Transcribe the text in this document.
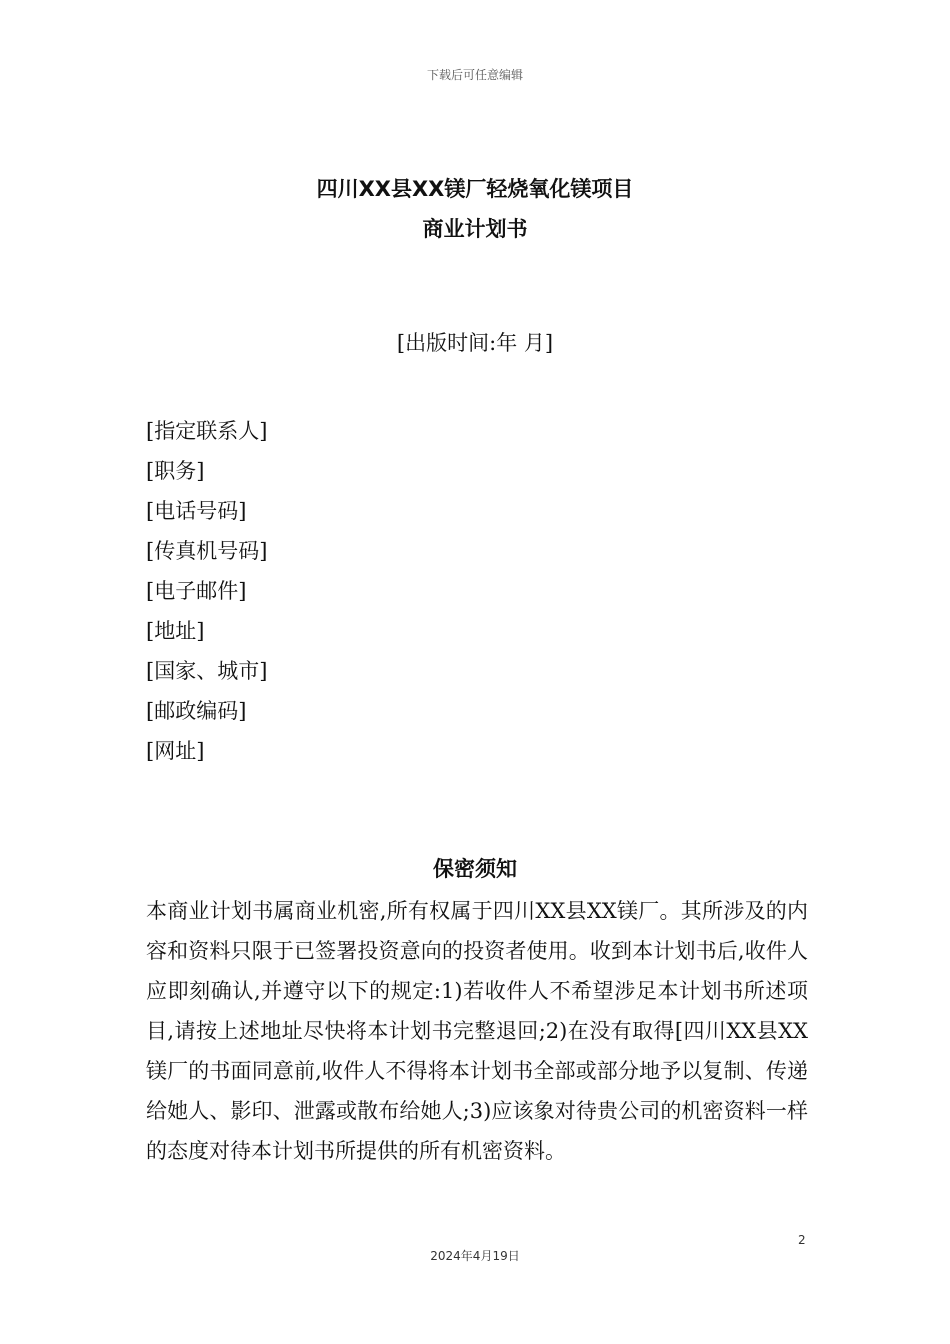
下载后可任意编辑
四川XX县XX镁厂轻烧氧化镁项目
商业计划书
[出版时间:年 月]
[指定联系人]
[职务]
[电话号码]
[传真机号码]
[电子邮件]
[地址]
[国家、城市]
[邮政编码]
[网址]
保密须知
本商业计划书属商业机密,所有权属于四川XX县XX镁厂。其所涉及的内容和资料只限于已签署投资意向的投资者使用。收到本计划书后,收件人应即刻确认,并遵守以下的规定:1)若收件人不希望涉足本计划书所述项目,请按上述地址尽快将本计划书完整退回;2)在没有取得[四川XX县XX镁厂的书面同意前,收件人不得将本计划书全部或部分地予以复制、传递给她人、影印、泄露或散布给她人;3)应该象对待贵公司的机密资料一样的态度对待本计划书所提供的所有机密资料。
2
2024年4月19日
